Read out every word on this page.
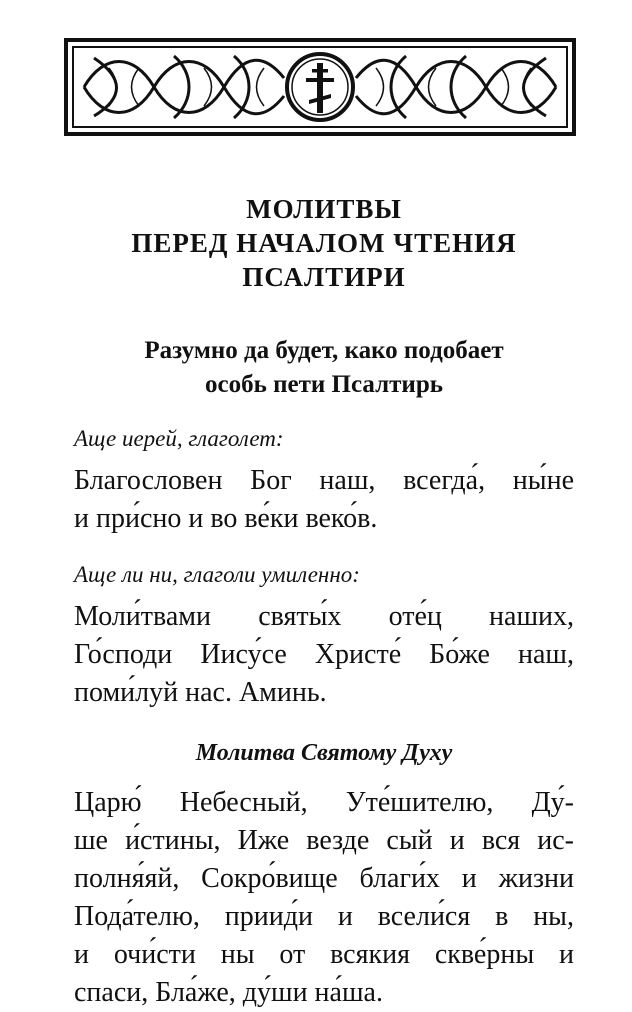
МОЛИТВЫ
ПЕРЕД НАЧАЛОМ ЧТЕНИЯ
ПСАЛТИРИ
Разумно да будет, како подобает
особь пети Псалтирь

Аще иерей, глаголет:

Благословен Бог наш, всегда́, ны́не
и при́сно и во ве́ки веко́в.

Аще ли ни, глаголи умиленно:

Моли́твами святы́х оте́ц наших,
Го́споди Иису́се Христе́ Бо́же наш,
поми́луй нас. Аминь.

Молитва Святому Духу

Царю́ Небесный, Уте́шителю, Ду́-
ше и́стины, Иже везде сый и вся ис-
полня́яй, Сокро́вище благи́х и жизни
Пода́телю, приид́и и всели́ся в ны,
и очи́сти ны от всякия скве́рны и
спаси, Бла́же, ду́ши на́ша.
